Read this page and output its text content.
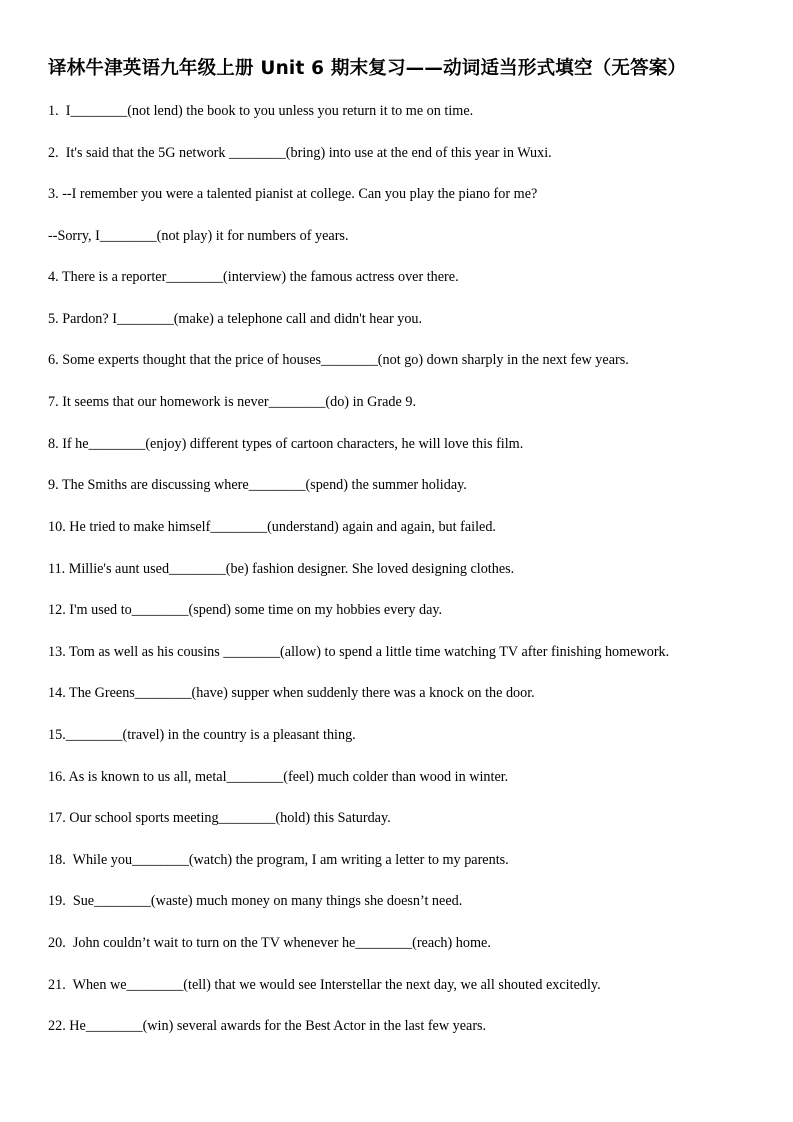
译林牛津英语九年级上册 Unit 6 期末复习——动词适当形式填空（无答案）
1.  I________(not lend) the book to you unless you return it to me on time.
2.  It's said that the 5G network ________(bring) into use at the end of this year in Wuxi.
3. --I remember you were a talented pianist at college. Can you play the piano for me?
--Sorry, I________(not play) it for numbers of years.
4. There is a reporter________(interview) the famous actress over there.
5. Pardon? I________(make) a telephone call and didn't hear you.
6. Some experts thought that the price of houses________(not go) down sharply in the next few years.
7. It seems that our homework is never________(do) in Grade 9.
8. If he________(enjoy) different types of cartoon characters, he will love this film.
9. The Smiths are discussing where________(spend) the summer holiday.
10. He tried to make himself________(understand) again and again, but failed.
11. Millie's aunt used________(be) fashion designer. She loved designing clothes.
12. I'm used to________(spend) some time on my hobbies every day.
13. Tom as well as his cousins ________(allow) to spend a little time watching TV after finishing homework.
14. The Greens________(have) supper when suddenly there was a knock on the door.
15.________(travel) in the country is a pleasant thing.
16. As is known to us all, metal________(feel) much colder than wood in winter.
17. Our school sports meeting________(hold) this Saturday.
18.  While you________(watch) the program, I am writing a letter to my parents.
19.  Sue________(waste) much money on many things she doesn’t need.
20.  John couldn’t wait to turn on the TV whenever he________(reach) home.
21.  When we________(tell) that we would see Interstellar the next day, we all shouted excitedly.
22. He________(win) several awards for the Best Actor in the last few years.
